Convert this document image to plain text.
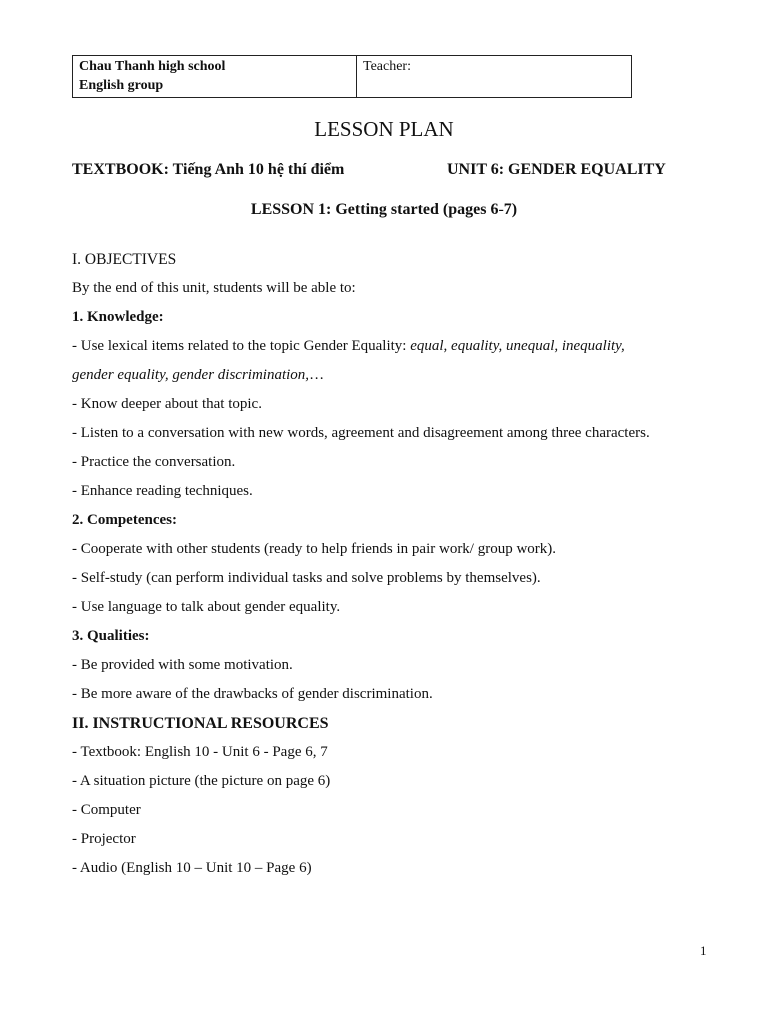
Chau Thanh high school
English group
Teacher:
LESSON PLAN
TEXTBOOK: Tiếng Anh 10 hệ thí điểm	UNIT 6: GENDER EQUALITY
LESSON 1: Getting started (pages 6-7)
I. OBJECTIVES
By the end of this unit, students will be able to:
1. Knowledge:
- Use lexical items related to the topic Gender Equality: equal, equality, unequal, inequality,
gender equality, gender discrimination,…
- Know deeper about that topic.
- Listen to a conversation with new words, agreement and disagreement among three characters.
- Practice the conversation.
- Enhance reading techniques.
2. Competences:
- Cooperate with other students (ready to help friends in pair work/ group work).
- Self-study (can perform individual tasks and solve problems by themselves).
- Use language to talk about gender equality.
3. Qualities:
- Be provided with some motivation.
- Be more aware of the drawbacks of gender discrimination.
II. INSTRUCTIONAL RESOURCES
- Textbook: English 10 - Unit 6 - Page 6, 7
- A situation picture (the picture on page 6)
- Computer
- Projector
- Audio (English 10 – Unit 10 – Page 6)
1
